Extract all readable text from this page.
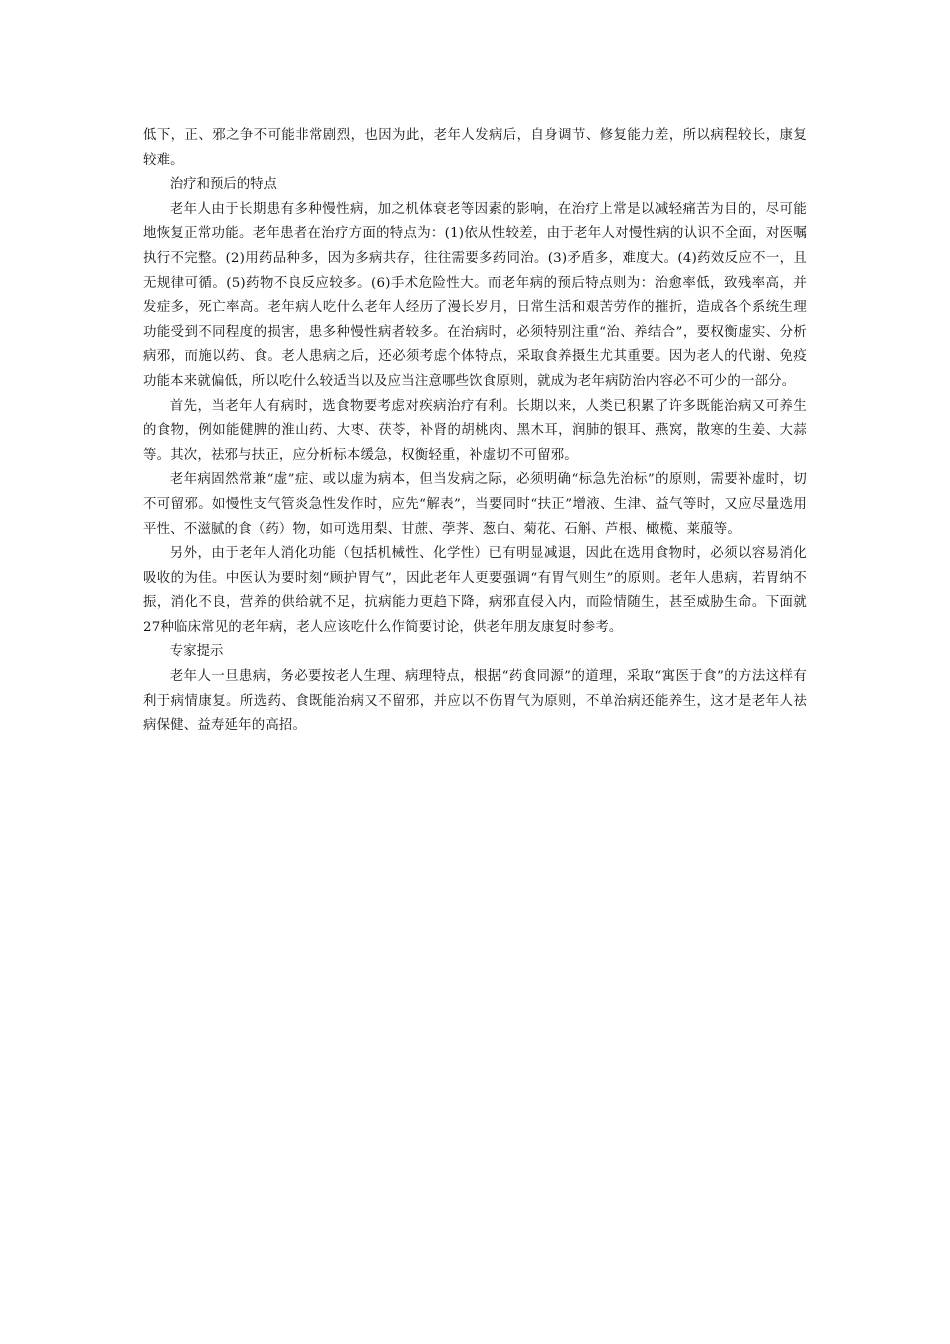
低下，正、邪之争不可能非常剧烈，也因为此，老年人发病后，自身调节、修复能力差，所以病程较长，康复较难。

治疗和预后的特点

老年人由于长期患有多种慢性病，加之机体衰老等因素的影响，在治疗上常是以减轻痛苦为目的，尽可能地恢复正常功能。老年患者在治疗方面的特点为：(1)依从性较差，由于老年人对慢性病的认识不全面，对医嘱执行不完整。(2)用药品种多，因为多病共存，往往需要多药同治。(3)矛盾多，难度大。(4)药效反应不一，且无规律可循。(5)药物不良反应较多。(6)手术危险性大。而老年病的预后特点则为：治愈率低，致残率高，并发症多，死亡率高。老年病人吃什么老年人经历了漫长岁月，日常生活和艰苦劳作的摧折，造成各个系统生理功能受到不同程度的损害，患多种慢性病者较多。在治病时，必须特别注重“治、养结合”，要权衡虚实、分析病邪，而施以药、食。老人患病之后，还必须考虑个体特点，采取食养摄生尤其重要。因为老人的代谢、免疫功能本来就偏低，所以吃什么较适当以及应当注意哪些饮食原则，就成为老年病防治内容必不可少的一部分。

首先，当老年人有病时，选食物要考虑对疾病治疗有利。长期以来，人类已积累了许多既能治病又可养生的食物，例如能健脾的淮山药、大枣、茯苓，补肾的胡桃肉、黑木耳，润肺的银耳、燕窝，散寒的生姜、大蒜等。其次，祛邪与扶正，应分析标本缓急，权衡轻重，补虚切不可留邪。

老年病固然常兼“虚”症、或以虚为病本，但当发病之际，必须明确“标急先治标”的原则，需要补虚时，切不可留邪。如慢性支气管炎急性发作时，应先“解表”，当要同时“扶正”增液、生津、益气等时，又应尽量选用平性、不滋腻的食（药）物，如可选用梨、甘蔗、荸荠、葱白、菊花、石斛、芦根、橄榄、莱菔等。

另外，由于老年人消化功能（包括机械性、化学性）已有明显减退，因此在选用食物时，必须以容易消化吸收的为佳。中医认为要时刻“顾护胃气”，因此老年人更要强调“有胃气则生”的原则。老年人患病，若胃纳不振，消化不良，营养的供给就不足，抗病能力更趋下降，病邪直侵入内，而险情随生，甚至威胁生命。下面就27种临床常见的老年病，老人应该吃什么作简要讨论，供老年朋友康复时参考。

专家提示

老年人一旦患病，务必要按老人生理、病理特点，根据“药食同源”的道理，采取“寓医于食”的方法这样有利于病情康复。所选药、食既能治病又不留邪，并应以不伤胃气为原则，不单治病还能养生，这才是老年人祛病保健、益寿延年的高招。
